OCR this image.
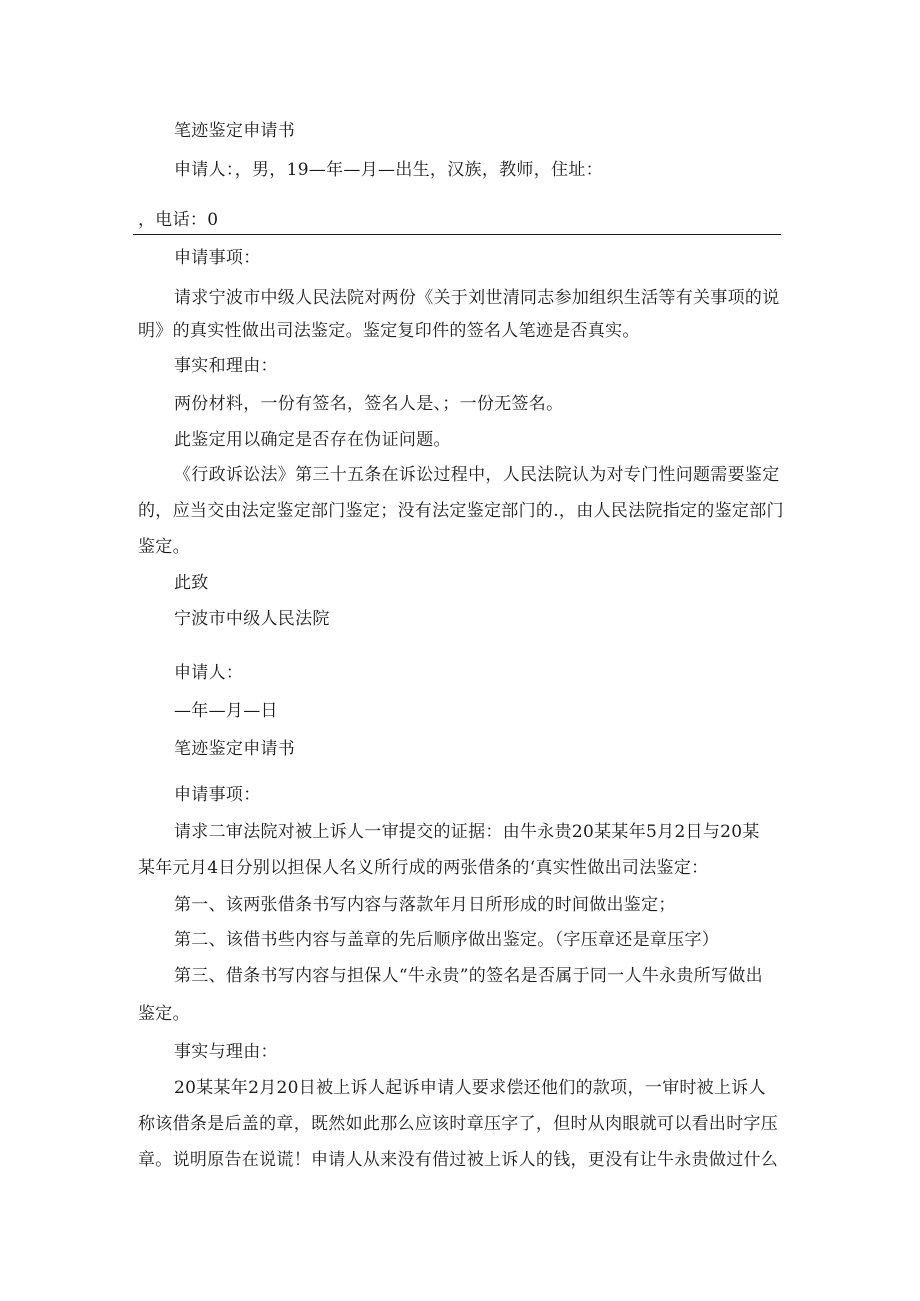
笔迹鉴定申请书
申请人：，男，19—年—月—出生，汉族，教师，住址：
，电话：0
申请事项：
请求宁波市中级人民法院对两份《关于刘世清同志参加组织生活等有关事项的说
明》的真实性做出司法鉴定。鉴定复印件的签名人笔迹是否真实。
事实和理由：
两份材料，一份有签名，签名人是、；一份无签名。
此鉴定用以确定是否存在伪证问题。
《行政诉讼法》第三十五条在诉讼过程中，人民法院认为对专门性问题需要鉴定
的，应当交由法定鉴定部门鉴定；没有法定鉴定部门的.，由人民法院指定的鉴定部门
鉴定。
此致
宁波市中级人民法院
申请人：
—年—月—日
笔迹鉴定申请书
申请事项：
请求二审法院对被上诉人一审提交的证据：由牛永贵20某某年5月2日与20某
某年元月4日分别以担保人名义所行成的两张借条的‘真实性做出司法鉴定：
第一、该两张借条书写内容与落款年月日所形成的时间做出鉴定；
第二、该借书些内容与盖章的先后顺序做出鉴定。（字压章还是章压字）
第三、借条书写内容与担保人“牛永贵”的签名是否属于同一人牛永贵所写做出
鉴定。
事实与理由：
20某某年2月20日被上诉人起诉申请人要求偿还他们的款项，一审时被上诉人
称该借条是后盖的章，既然如此那么应该时章压字了，但时从肉眼就可以看出时字压
章。说明原告在说谎！申请人从来没有借过被上诉人的钱，更没有让牛永贵做过什么
